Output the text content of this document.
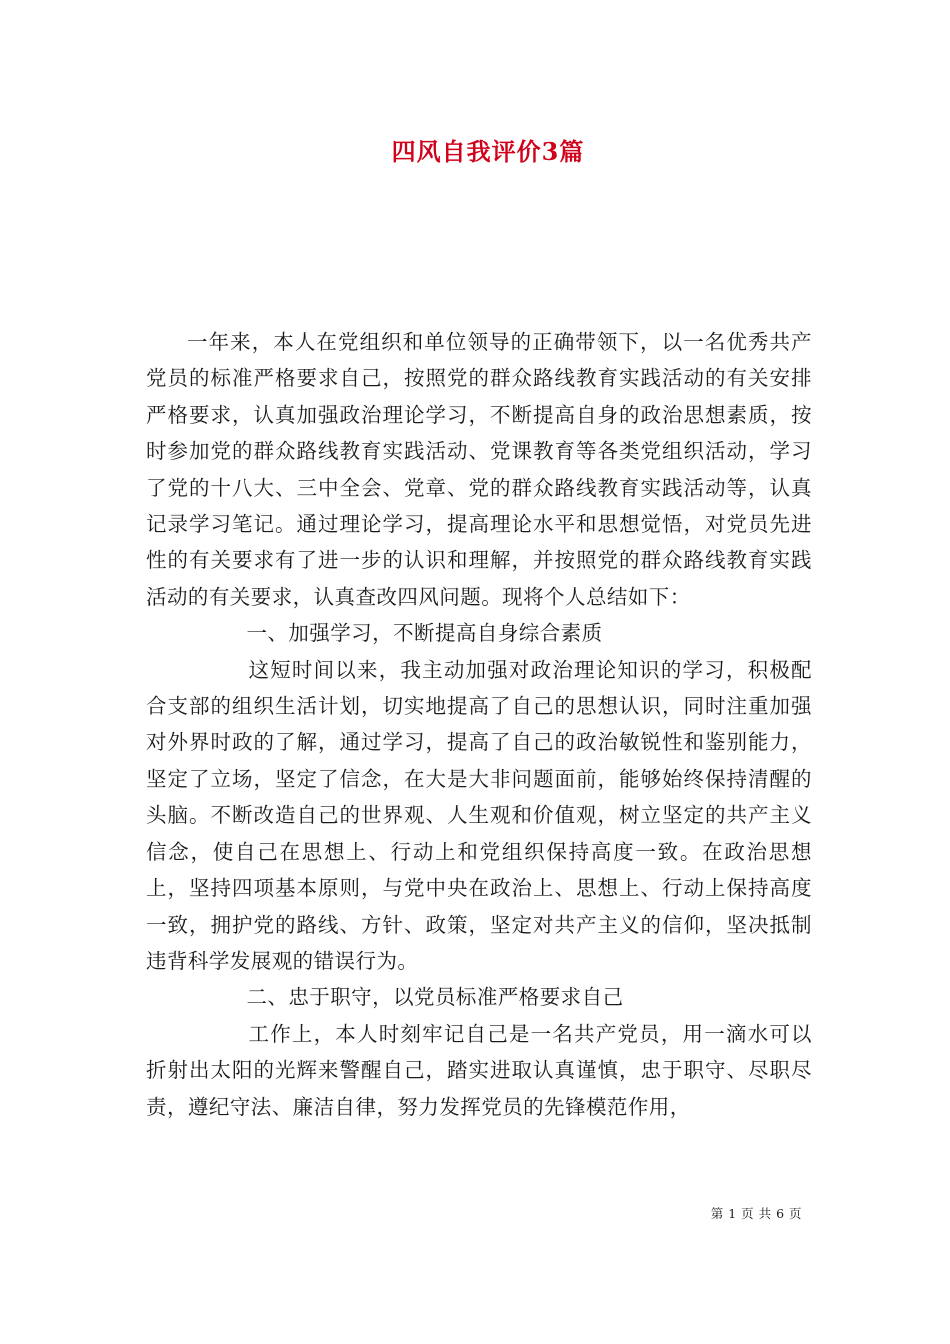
四风自我评价3篇

一年来，本人在党组织和单位领导的正确带领下，以一名优秀共产党员的标准严格要求自己，按照党的群众路线教育实践活动的有关安排严格要求，认真加强政治理论学习，不断提高自身的政治思想素质，按时参加党的群众路线教育实践活动、党课教育等各类党组织活动，学习了党的十八大、三中全会、党章、党的群众路线教育实践活动等，认真记录学习笔记。通过理论学习，提高理论水平和思想觉悟，对党员先进性的有关要求有了进一步的认识和理解，并按照党的群众路线教育实践活动的有关要求，认真查改四风问题。现将个人总结如下：

一、加强学习，不断提高自身综合素质

这短时间以来，我主动加强对政治理论知识的学习，积极配合支部的组织生活计划，切实地提高了自己的思想认识，同时注重加强对外界时政的了解，通过学习，提高了自己的政治敏锐性和鉴别能力，坚定了立场，坚定了信念，在大是大非问题面前，能够始终保持清醒的头脑。不断改造自己的世界观、人生观和价值观，树立坚定的共产主义信念，使自己在思想上、行动上和党组织保持高度一致。在政治思想上，坚持四项基本原则，与党中央在政治上、思想上、行动上保持高度一致，拥护党的路线、方针、政策，坚定对共产主义的信仰，坚决抵制违背科学发展观的错误行为。

二、忠于职守，以党员标准严格要求自己

工作上，本人时刻牢记自己是一名共产党员，用一滴水可以折射出太阳的光辉来警醒自己，踏实进取认真谨慎，忠于职守、尽职尽责，遵纪守法、廉洁自律，努力发挥党员的先锋模范作用，

第 1 页 共 6 页
